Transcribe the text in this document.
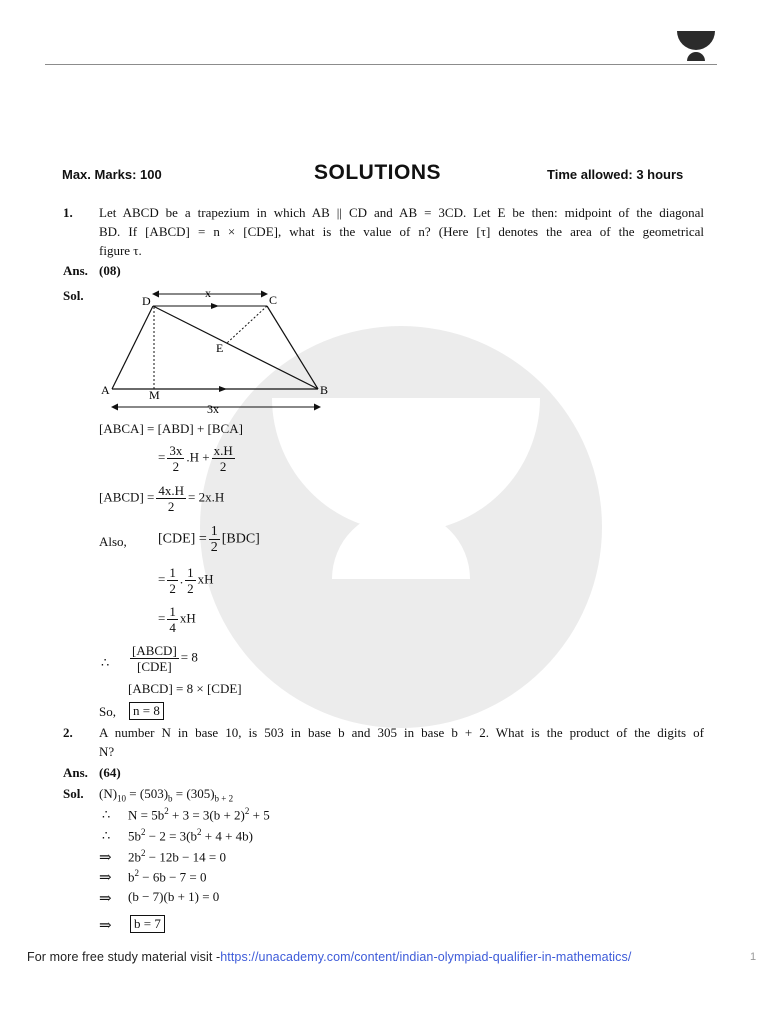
Max. Marks: 100	SOLUTIONS	Time allowed: 3 hours
1. Let ABCD be a trapezium in which AB || CD and AB = 3CD. Let E be then: midpoint of the diagonal
BD. If [ABCD] = n × [CDE], what is the value of n? (Here [τ] denotes the area of the geometrical
figure τ.
Ans. (08)
Sol.	D	C
A	B
E
M
x
3x
[ABCA] = [ABD] + [BCA]
= $\frac{3x}{2} .H + \frac{x.H}{2}$
[ABCD] = $\frac{4x.H}{2} = 2x.H$
Also, $[CDE] = \frac{1}{2} [BDC]$
= $\frac{1}{2}$ . $\frac{1}{2}$ xH
= $\frac{1}{4}$ xH
∴ $\frac{\text{[ABCD]}}{\text{[CDE]}} = 8$
[ABCD] = 8 × [CDE]
So,	n = 8
2. A number N in base 10, is 503 in base b and 305 in base b + 2. What is the product of the digits of
N?
Ans. (64)
Sol. $(N)_{10} = (503)_b = (305)_{b + 2}$
∴ $N = 5b^2 + 3 = 3(b + 2)^2 + 5$
∴ $5b^2 - 2 = 3(b^2 + 4 + 4b)$
⇒ $2b^2 - 12b - 14 = 0$
⇒ $b^2 - 6b - 7 = 0$
⇒ (b − 7)(b + 1) = 0
⇒	b = 7
For more free study material visit -https://unacademy.com/content/indian-olympiad-qualifier-in-mathematics/	1
